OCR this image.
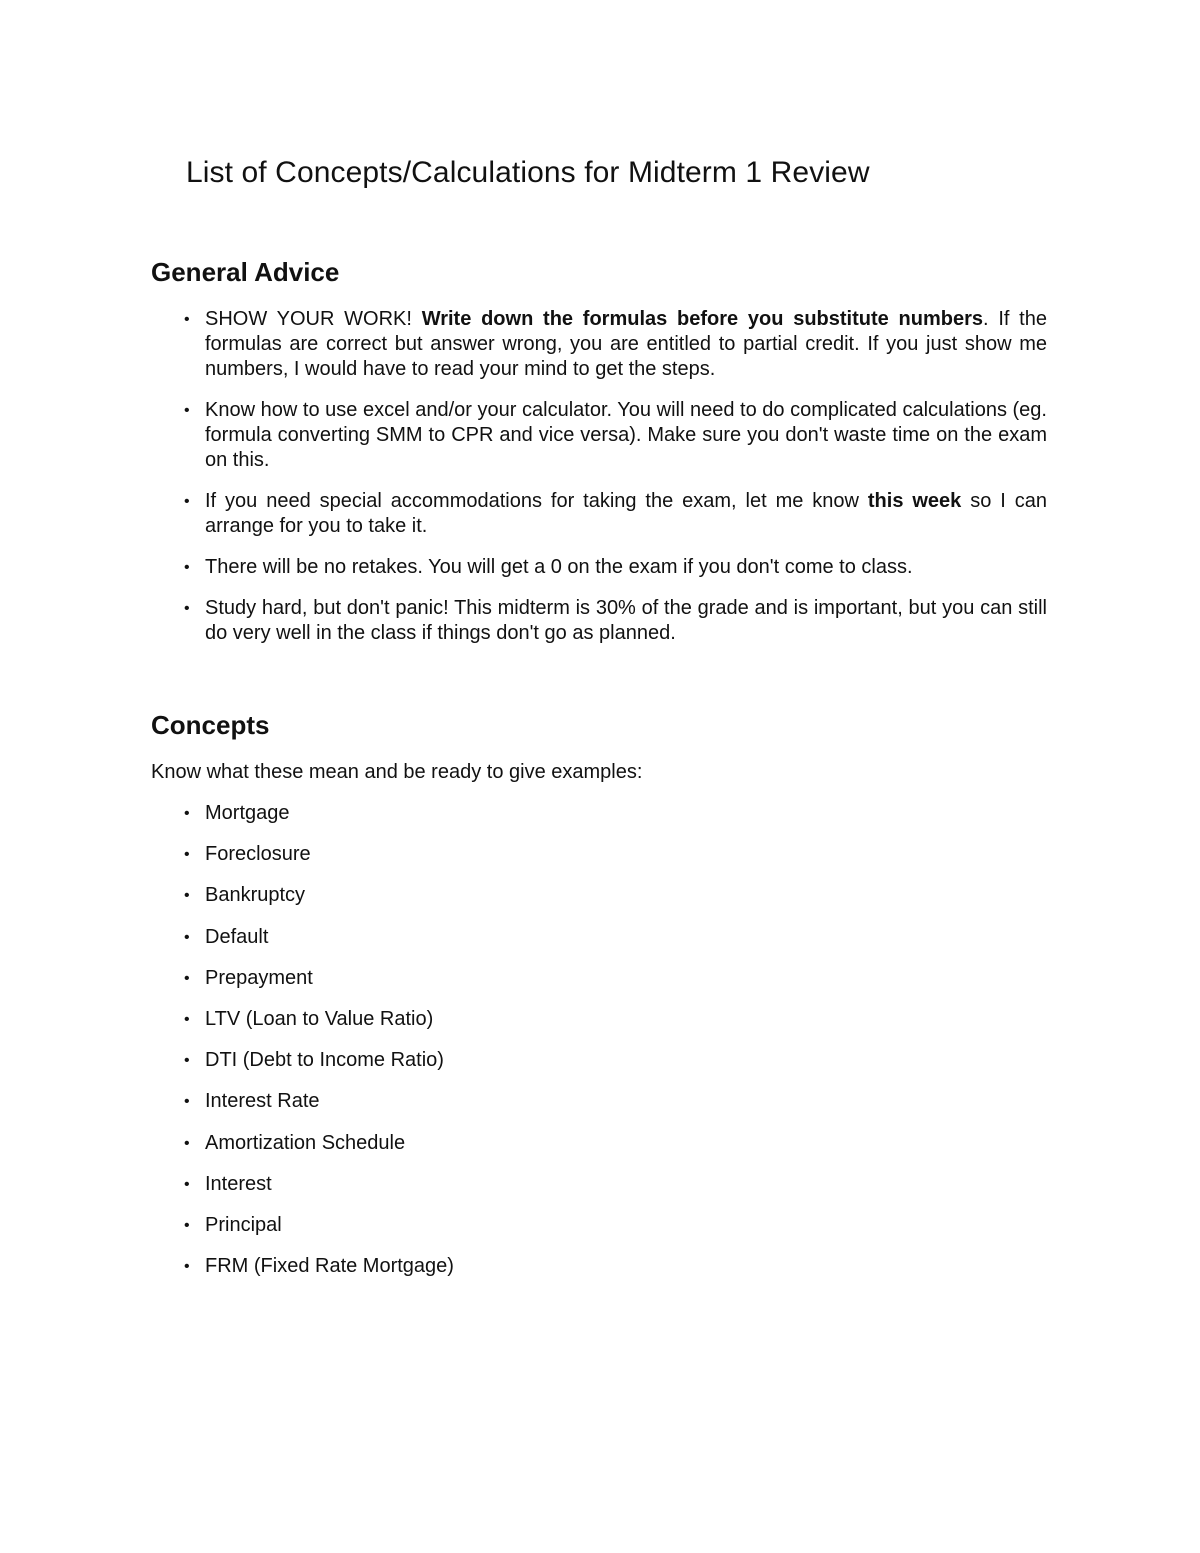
List of Concepts/Calculations for Midterm 1 Review
General Advice
• SHOW YOUR WORK! Write down the formulas before you substitute numbers. If the formulas are correct but answer wrong, you are entitled to partial credit. If you just show me numbers, I would have to read your mind to get the steps.
• Know how to use excel and/or your calculator. You will need to do complicated calculations (eg. formula converting SMM to CPR and vice versa). Make sure you don't waste time on the exam on this.
• If you need special accommodations for taking the exam, let me know this week so I can arrange for you to take it.
• There will be no retakes. You will get a 0 on the exam if you don't come to class.
• Study hard, but don't panic! This midterm is 30% of the grade and is important, but you can still do very well in the class if things don't go as planned.
Concepts

Know what these mean and be ready to give examples:

• Mortgage
• Foreclosure
• Bankruptcy
• Default
• Prepayment
• LTV (Loan to Value Ratio)
• DTI (Debt to Income Ratio)
• Interest Rate
• Amortization Schedule
• Interest
• Principal
• FRM (Fixed Rate Mortgage)
